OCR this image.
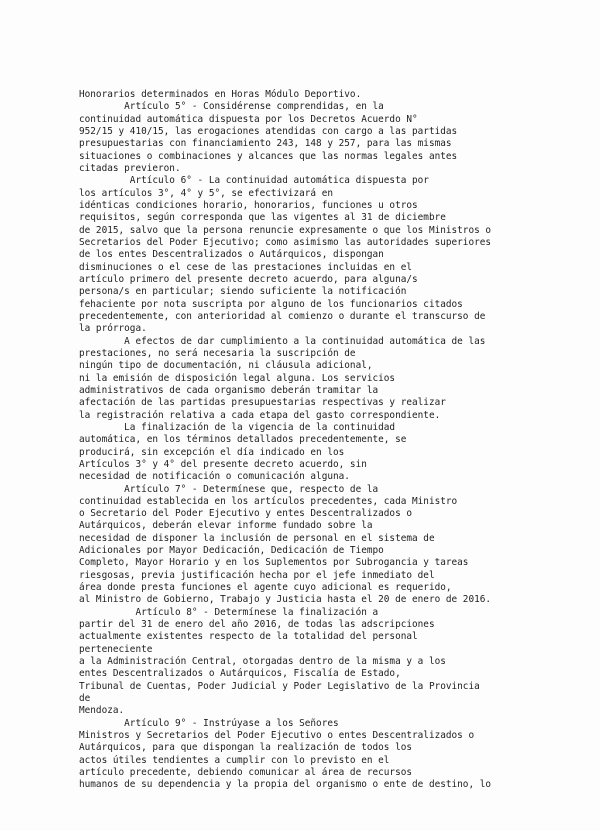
Honorarios determinados en Horas Módulo Deportivo.
Artículo 5° - Considérense comprendidas, en la
continuidad automática dispuesta por los Decretos Acuerdo N°
952/15 y 410/15, las erogaciones atendidas con cargo a las partidas
presupuestarias con financiamiento 243, 148 y 257, para las mismas
situaciones o combinaciones y alcances que las normas legales antes
citadas previeron.
Artículo 6° - La continuidad automática dispuesta por
los artículos 3°, 4° y 5°, se efectivizará en
idénticas condiciones horario, honorarios, funciones u otros
requisitos, según corresponda que las vigentes al 31 de diciembre
de 2015, salvo que la persona renuncie expresamente o que los Ministros o
Secretarios del Poder Ejecutivo; como asimismo las autoridades superiores
de los entes Descentralizados o Autárquicos, dispongan
disminuciones o el cese de las prestaciones incluidas en el
artículo primero del presente decreto acuerdo, para alguna/s
persona/s en particular; siendo suficiente la notificación
fehaciente por nota suscripta por alguno de los funcionarios citados
precedentemente, con anterioridad al comienzo o durante el transcurso de
la prórroga.
A efectos de dar cumplimiento a la continuidad automática de las
prestaciones, no será necesaria la suscripción de
ningún tipo de documentación, ni cláusula adicional,
ni la emisión de disposición legal alguna. Los servicios
administrativos de cada organismo deberán tramitar la
afectación de las partidas presupuestarias respectivas y realizar
la registración relativa a cada etapa del gasto correspondiente.
La finalización de la vigencia de la continuidad
automática, en los términos detallados precedentemente, se
producirá, sin excepción el día indicado en los
Artículos 3° y 4° del presente decreto acuerdo, sin
necesidad de notificación o comunicación alguna.
Artículo 7° - Determínese que, respecto de la
continuidad establecida en los artículos precedentes, cada Ministro
o Secretario del Poder Ejecutivo y entes Descentralizados o
Autárquicos, deberán elevar informe fundado sobre la
necesidad de disponer la inclusión de personal en el sistema de
Adicionales por Mayor Dedicación, Dedicación de Tiempo
Completo, Mayor Horario y en los Suplementos por Subrogancia y tareas
riesgosas, previa justificación hecha por el jefe inmediato del
área donde presta funciones el agente cuyo adicional es requerido,
al Ministro de Gobierno, Trabajo y Justicia hasta el 20 de enero de 2016.
Artículo 8° - Determínese la finalización a
partir del 31 de enero del año 2016, de todas las adscripciones
actualmente existentes respecto de la totalidad del personal
perteneciente
a la Administración Central, otorgadas dentro de la misma y a los
entes Descentralizados o Autárquicos, Fiscalía de Estado,
Tribunal de Cuentas, Poder Judicial y Poder Legislativo de la Provincia
de
Mendoza.
Artículo 9° - Instrúyase a los Señores
Ministros y Secretarios del Poder Ejecutivo o entes Descentralizados o
Autárquicos, para que dispongan la realización de todos los
actos útiles tendientes a cumplir con lo previsto en el
artículo precedente, debiendo comunicar al área de recursos
humanos de su dependencia y la propia del organismo o ente de destino, lo
